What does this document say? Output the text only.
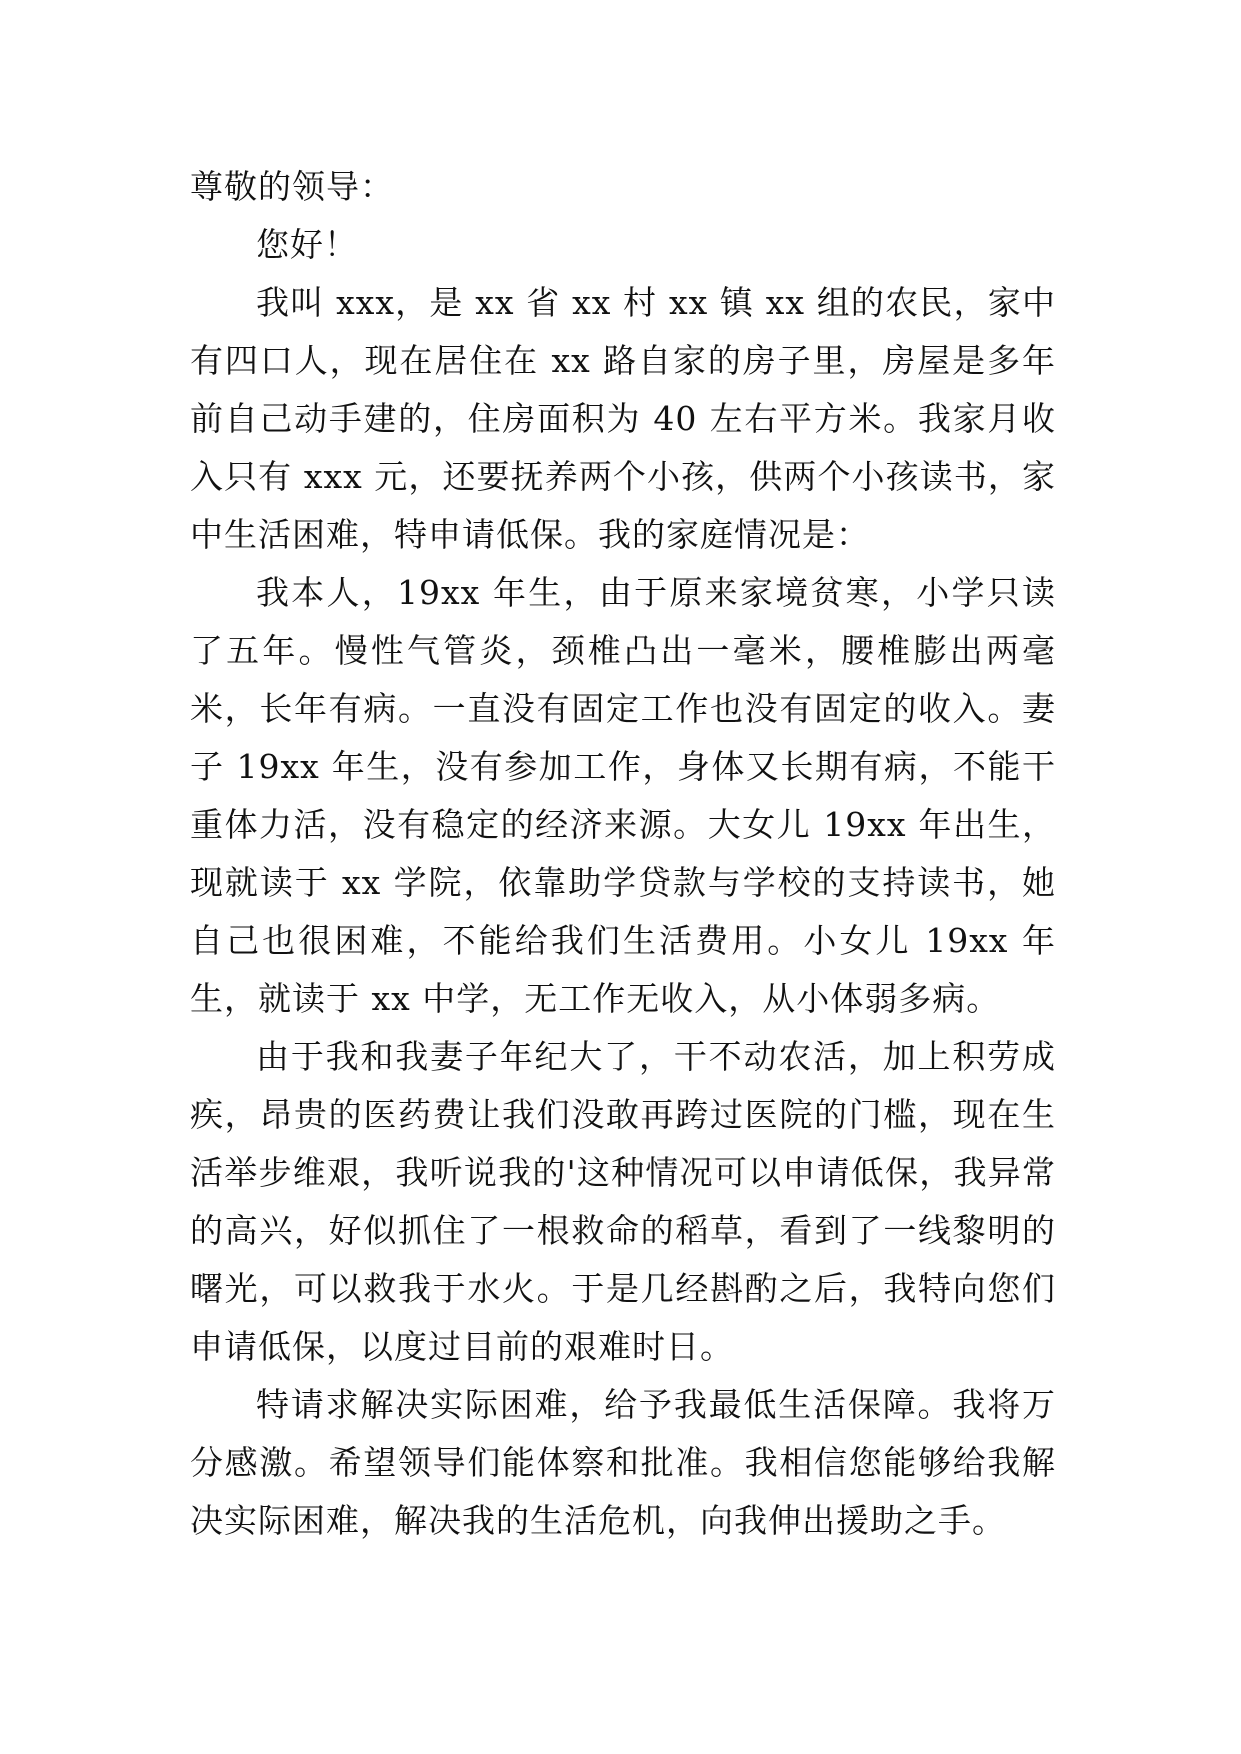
尊敬的领导：

您好！

我叫 xxx，是 xx 省 xx 村 xx 镇 xx 组的农民，家中有四口人，现在居住在 xx 路自家的房子里，房屋是多年前自己动手建的，住房面积为 40 左右平方米。我家月收入只有 xxx 元，还要抚养两个小孩，供两个小孩读书，家中生活困难，特申请低保。我的家庭情况是：

我本人，19xx 年生，由于原来家境贫寒，小学只读了五年。慢性气管炎，颈椎凸出一毫米，腰椎膨出两毫米，长年有病。一直没有固定工作也没有固定的收入。妻子 19xx 年生，没有参加工作，身体又长期有病，不能干重体力活，没有稳定的经济来源。大女儿 19xx 年出生，现就读于 xx 学院，依靠助学贷款与学校的支持读书，她自己也很困难，不能给我们生活费用。小女儿 19xx 年生，就读于 xx 中学，无工作无收入，从小体弱多病。

由于我和我妻子年纪大了，干不动农活，加上积劳成疾，昂贵的医药费让我们没敢再跨过医院的门槛，现在生活举步维艰，我听说我的'这种情况可以申请低保，我异常的高兴，好似抓住了一根救命的稻草，看到了一线黎明的曙光，可以救我于水火。于是几经斟酌之后，我特向您们申请低保，以度过目前的艰难时日。

特请求解决实际困难，给予我最低生活保障。我将万分感激。希望领导们能体察和批准。我相信您能够给我解决实际困难，解决我的生活危机，向我伸出援助之手。
